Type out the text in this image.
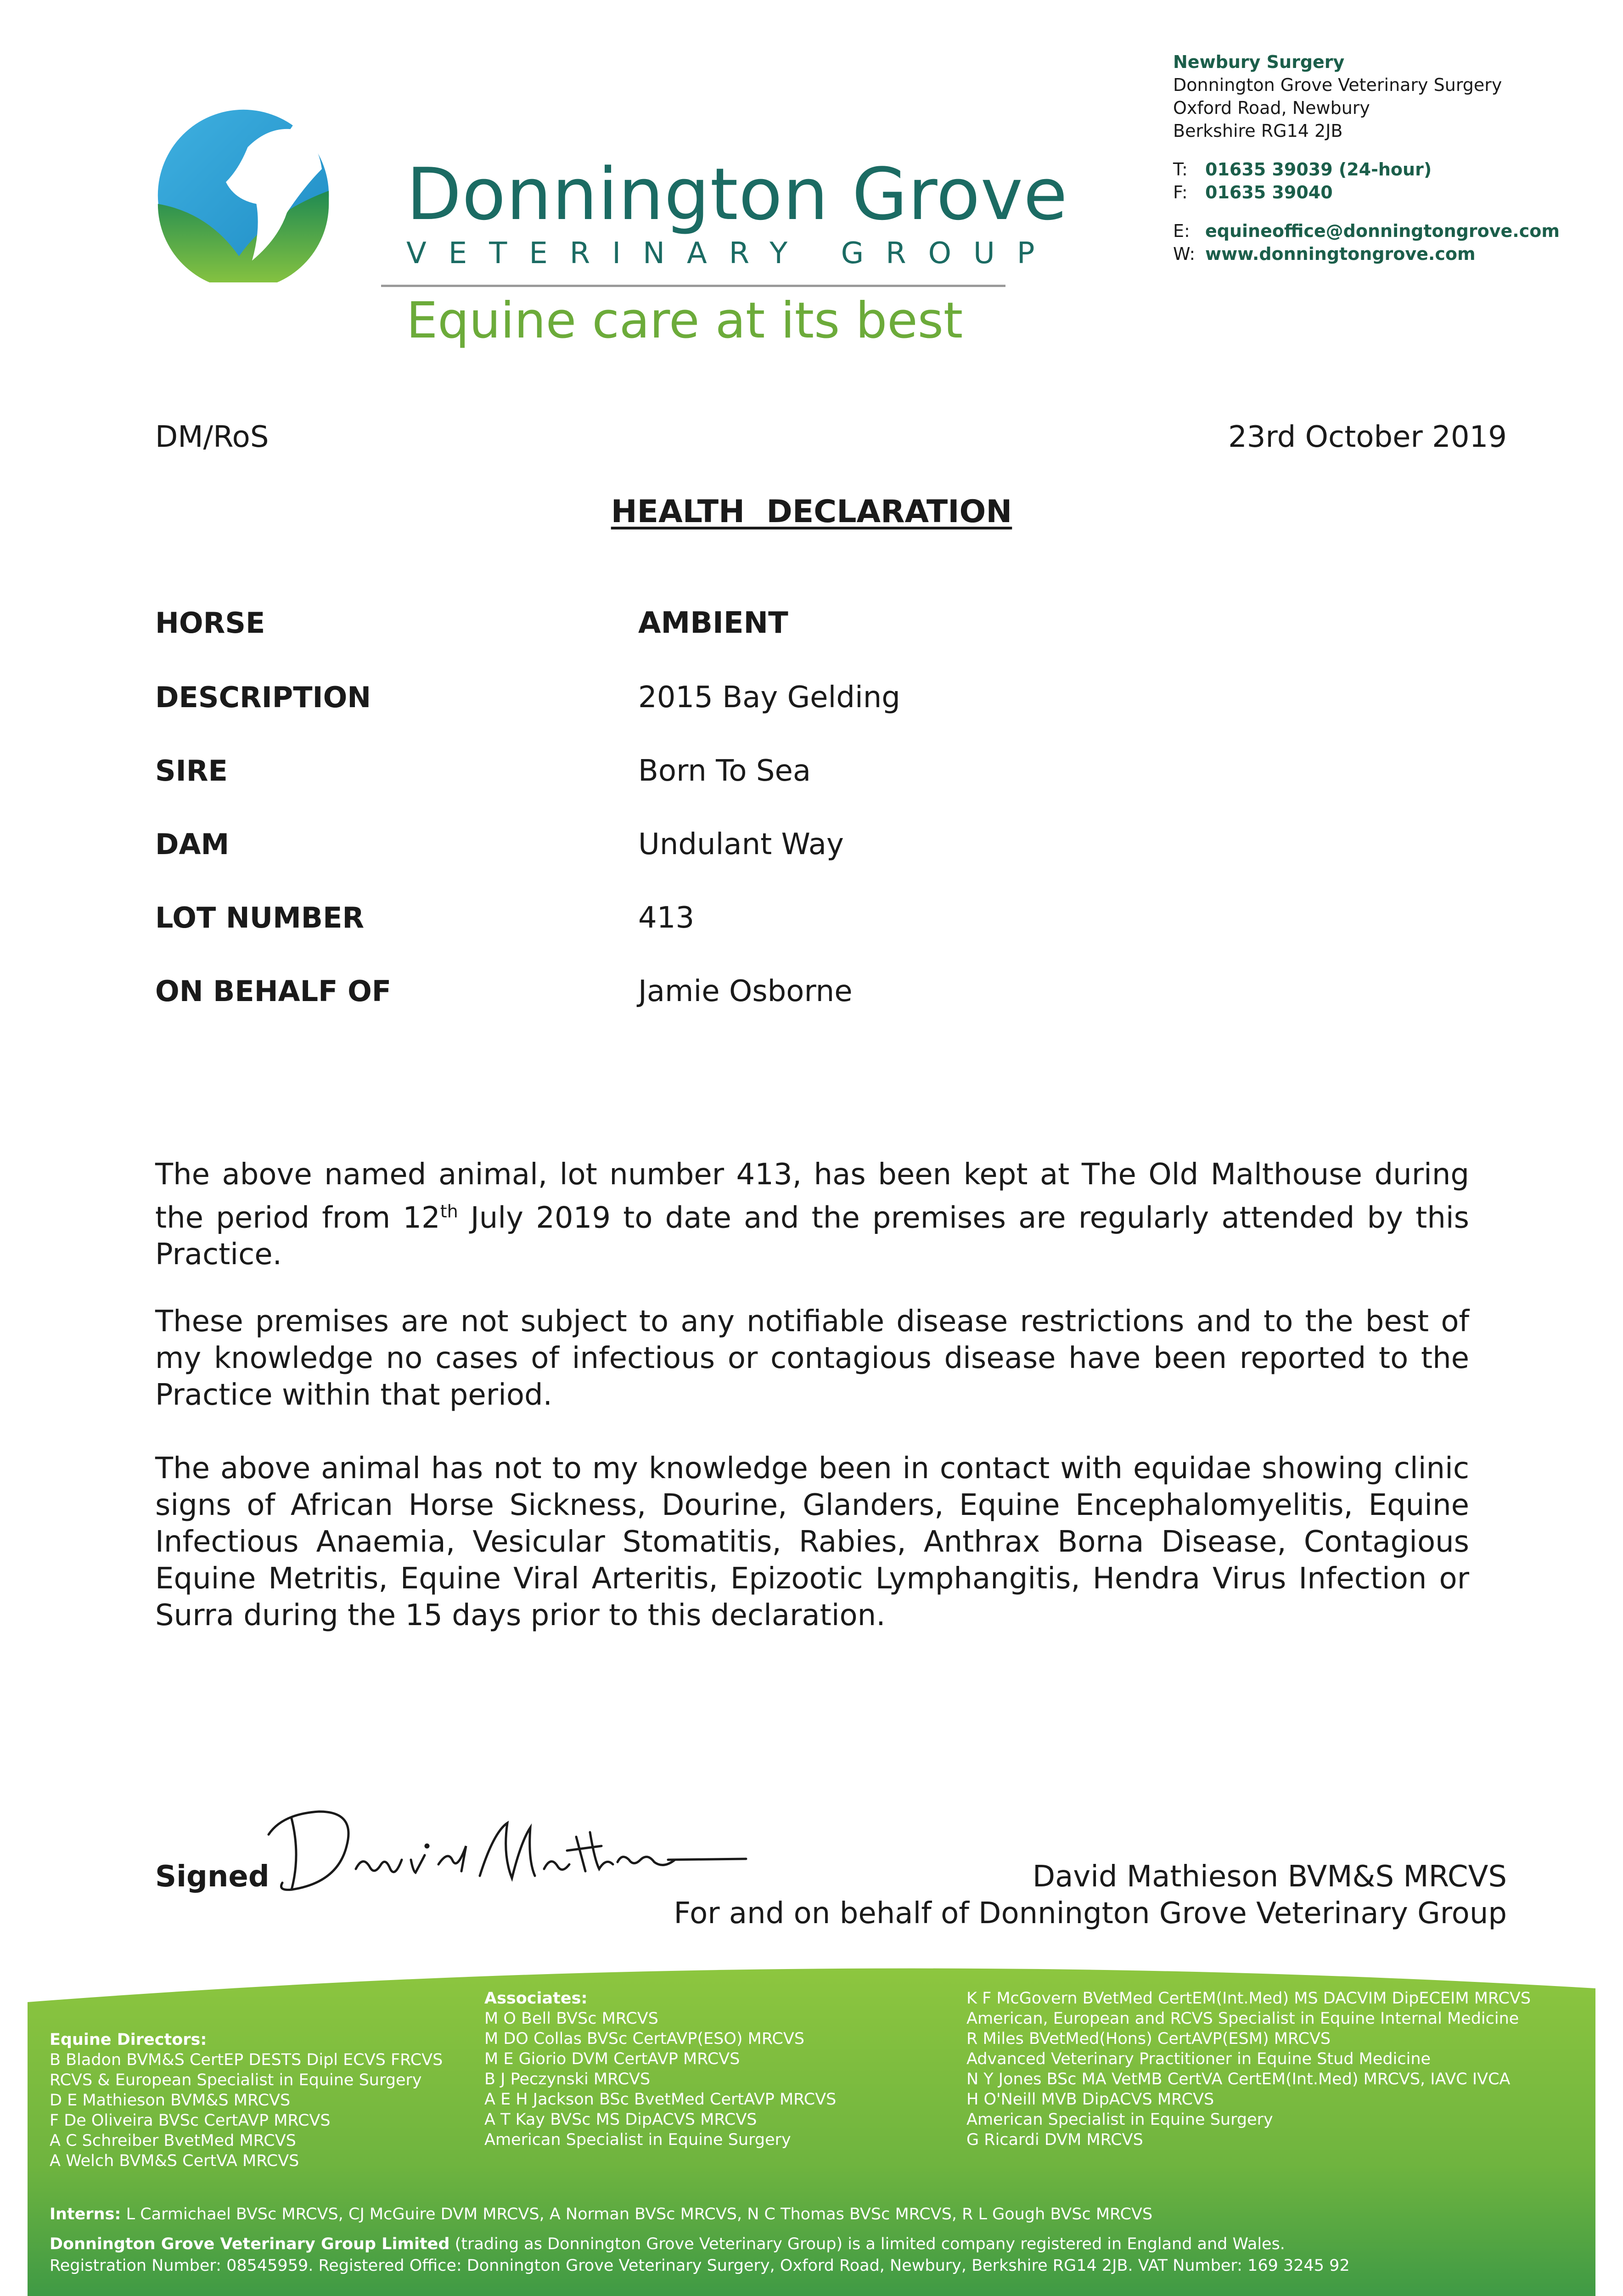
Donnington Grove
VETERINARY GROUP
Equine care at its best
Newbury Surgery
Donnington Grove Veterinary Surgery
Oxford Road, Newbury
Berkshire RG14 2JB
T: 01635 39039 (24-hour)
F: 01635 39040
E: equineoffice@donningtongrove.com
W: www.donningtongrove.com
DM/RoS	23rd October 2019
HEALTH  DECLARATION
HORSE	AMBIENT
DESCRIPTION	2015 Bay Gelding
SIRE	Born To Sea
DAM	Undulant Way
LOT NUMBER	413
ON BEHALF OF	Jamie Osborne
The above named animal, lot number 413, has been kept at The Old Malthouse during the period from 12th July 2019 to date and the premises are regularly attended by this Practice.
These premises are not subject to any notifiable disease restrictions and to the best of my knowledge no cases of infectious or contagious disease have been reported to the Practice within that period.
The above animal has not to my knowledge been in contact with equidae showing clinic signs of African Horse Sickness, Dourine, Glanders, Equine Encephalomyelitis, Equine Infectious Anaemia, Vesicular Stomatitis, Rabies, Anthrax Borna Disease, Contagious Equine Metritis, Equine Viral Arteritis, Epizootic Lymphangitis, Hendra Virus Infection or Surra during the 15 days prior to this declaration.
Signed	David Mathieson BVM&S MRCVS
For and on behalf of Donnington Grove Veterinary Group
Equine Directors:
B Bladon BVM&S CertEP DESTS Dipl ECVS FRCVS
RCVS & European Specialist in Equine Surgery
D E Mathieson BVM&S MRCVS
F De Oliveira BVSc CertAVP MRCVS
A C Schreiber BvetMed MRCVS
A Welch BVM&S CertVA MRCVS
Associates:
M O Bell BVSc MRCVS
M DO Collas BVSc CertAVP(ESO) MRCVS
M E Giorio DVM CertAVP MRCVS
B J Peczynski MRCVS
A E H Jackson BSc BvetMed CertAVP MRCVS
A T Kay BVSc MS DipACVS MRCVS
American Specialist in Equine Surgery
K F McGovern BVetMed CertEM(Int.Med) MS DACVIM DipECEIM MRCVS
American, European and RCVS Specialist in Equine Internal Medicine
R Miles BVetMed(Hons) CertAVP(ESM) MRCVS
Advanced Veterinary Practitioner in Equine Stud Medicine
N Y Jones BSc MA VetMB CertVA CertEM(Int.Med) MRCVS, IAVC IVCA
H O'Neill MVB DipACVS MRCVS
American Specialist in Equine Surgery
G Ricardi DVM MRCVS
Interns: L Carmichael BVSc MRCVS, CJ McGuire DVM MRCVS, A Norman BVSc MRCVS, N C Thomas BVSc MRCVS, R L Gough BVSc MRCVS
Donnington Grove Veterinary Group Limited (trading as Donnington Grove Veterinary Group) is a limited company registered in England and Wales.
Registration Number: 08545959. Registered Office: Donnington Grove Veterinary Surgery, Oxford Road, Newbury, Berkshire RG14 2JB. VAT Number: 169 3245 92
